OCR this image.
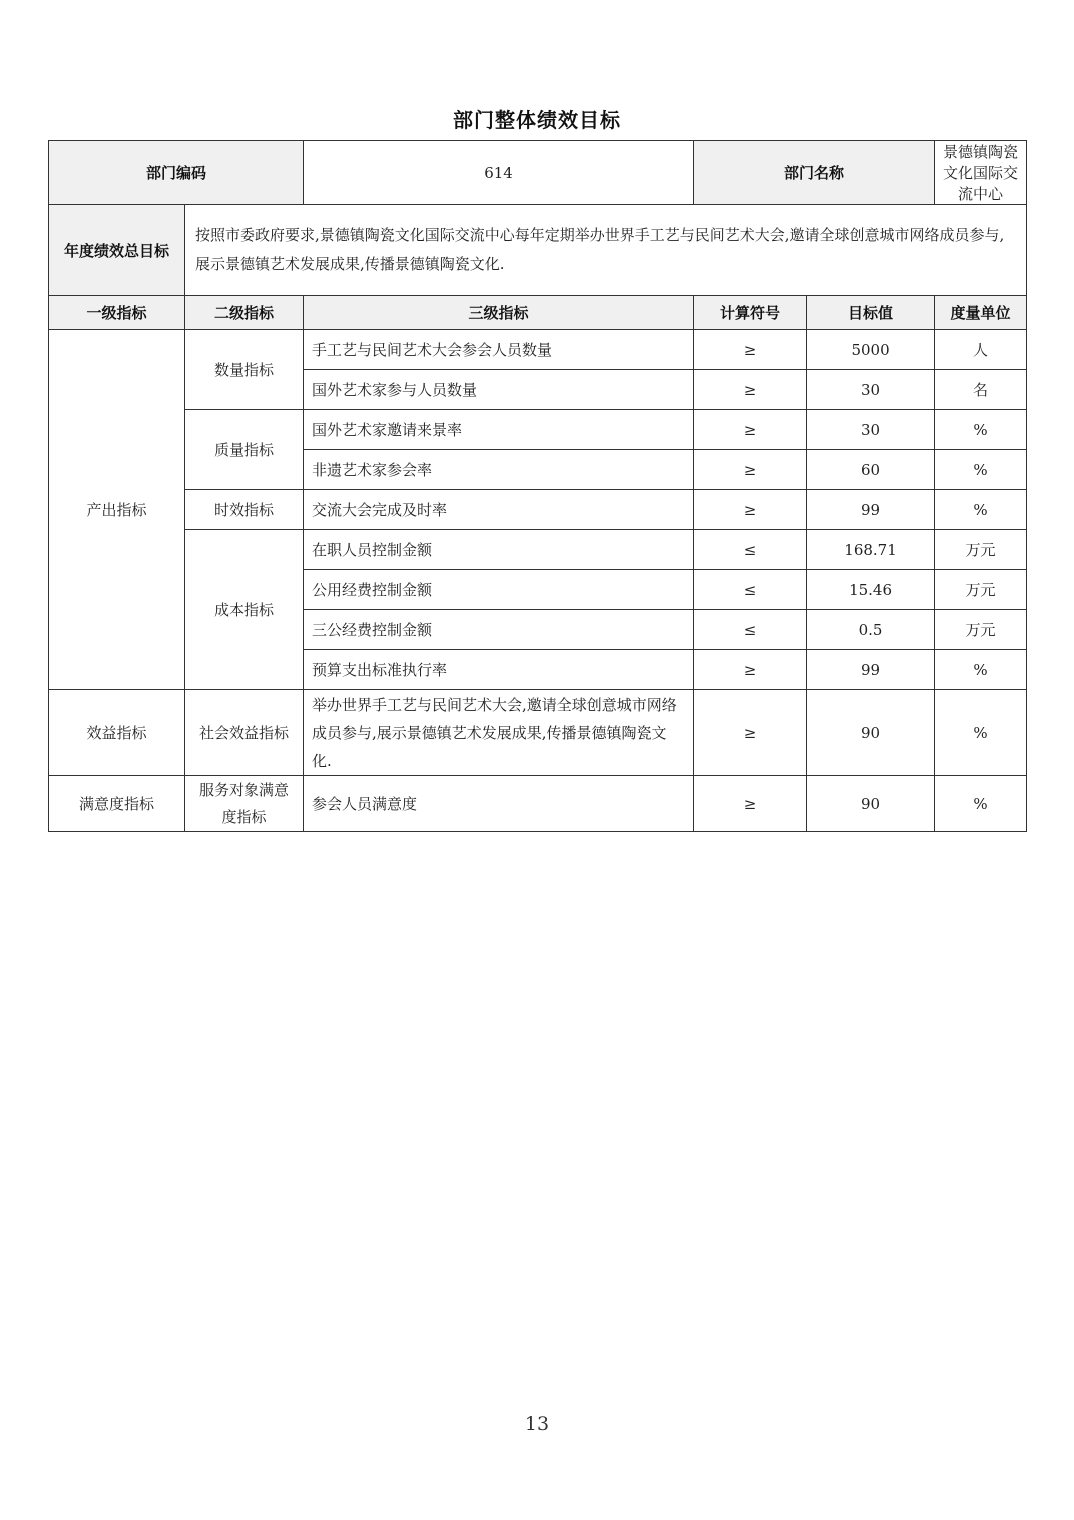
部门整体绩效目标
部门编码		614	部门名称		景德镇陶瓷文化国际交流中心
年度绩效总目标	按照市委政府要求,景德镇陶瓷文化国际交流中心每年定期举办世界手工艺与民间艺术大会,邀请全球创意城市网络成员参与,展示景德镇艺术发展成果,传播景德镇陶瓷文化.				
一级指标	二级指标	三级指标	计算符号	目标值	度量单位
产出指标	数量指标	手工艺与民间艺术大会参会人员数量	≥	5000	人
		国外艺术家参与人员数量	≥	30	名
	质量指标	国外艺术家邀请来景率	≥	30	%
		非遗艺术家参会率	≥	60	%
	时效指标	交流大会完成及时率	≥	99	%
	成本指标	在职人员控制金额	≤	168.71	万元
		公用经费控制金额	≤	15.46	万元
		三公经费控制金额	≤	0.5	万元
		预算支出标准执行率	≥	99	%
效益指标	社会效益指标	举办世界手工艺与民间艺术大会,邀请全球创意城市网络成员参与,展示景德镇艺术发展成果,传播景德镇陶瓷文化.	≥	90	%
满意度指标	服务对象满意度指标	参会人员满意度	≥	90	%
13
